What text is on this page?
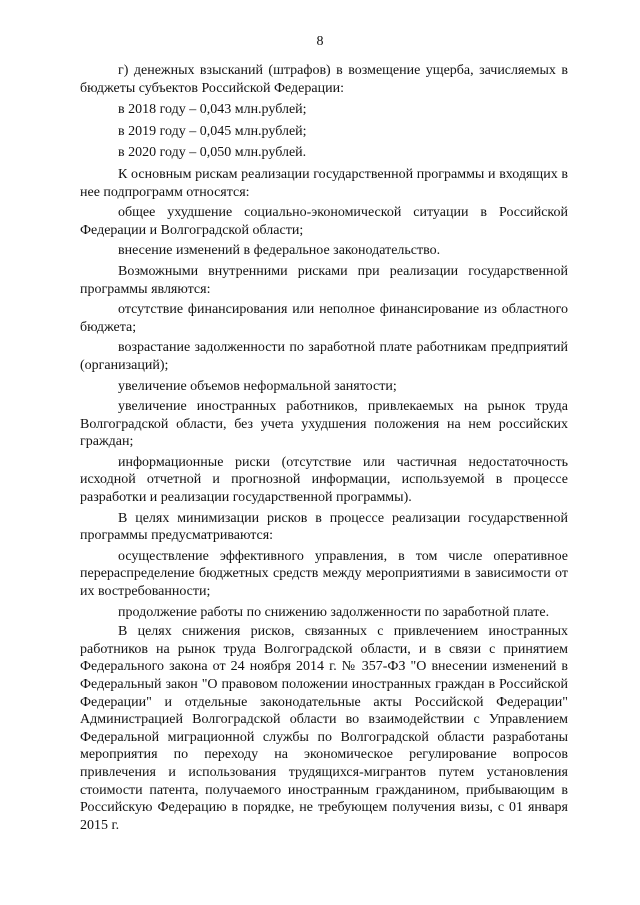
8

г) денежных взысканий (штрафов) в возмещение ущерба, зачисляемых в бюджеты субъектов Российской Федерации:

в 2018 году – 0,043 млн.рублей;

в 2019 году – 0,045 млн.рублей;

в 2020 году – 0,050 млн.рублей.

К основным рискам реализации государственной программы и входящих в нее подпрограмм относятся:

общее ухудшение социально-экономической ситуации в Российской Федерации и Волгоградской области;

внесение изменений в федеральное законодательство.

Возможными внутренними рисками при реализации государственной программы являются:

отсутствие финансирования или неполное финансирование из областного бюджета;

возрастание задолженности по заработной плате работникам предприятий (организаций);

увеличение объемов неформальной занятости;

увеличение иностранных работников, привлекаемых на рынок труда Волгоградской области, без учета ухудшения положения на нем российских граждан;

информационные риски (отсутствие или частичная недостаточность исходной отчетной и прогнозной информации, используемой в процессе разработки и реализации государственной программы).

В целях минимизации рисков в процессе реализации государственной программы предусматриваются:

осуществление эффективного управления, в том числе оперативное перераспределение бюджетных средств между мероприятиями в зависимости от их востребованности;

продолжение работы по снижению задолженности по заработной плате.

В целях снижения рисков, связанных с привлечением иностранных работников на рынок труда Волгоградской области, и в связи с принятием Федерального закона от 24 ноября 2014 г. № 357-ФЗ "О внесении изменений в Федеральный закон "О правовом положении иностранных граждан в Российской Федерации" и отдельные законодательные акты Российской Федерации" Администрацией Волгоградской области во взаимодействии с Управлением Федеральной миграционной службы по Волгоградской области разработаны мероприятия по переходу на экономическое регулирование вопросов привлечения и использования трудящихся-мигрантов путем установления стоимости патента, получаемого иностранным гражданином, прибывающим в Российскую Федерацию в порядке, не требующем получения визы, с 01 января 2015 г.
